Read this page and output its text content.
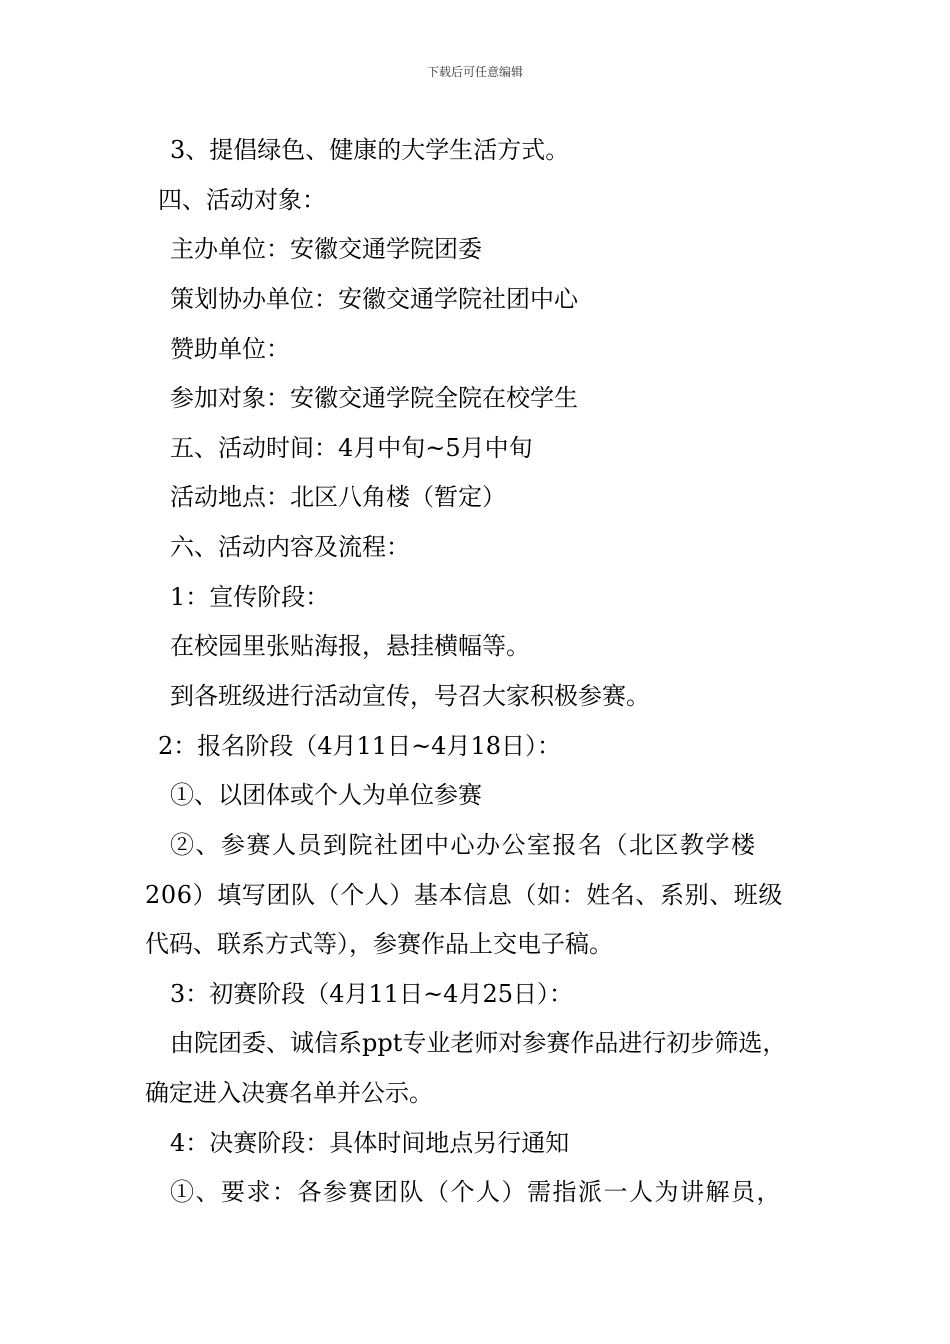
下载后可任意编辑
3、提倡绿色、健康的大学生活方式。
四、活动对象：
主办单位：安徽交通学院团委
策划协办单位：安徽交通学院社团中心
赞助单位：
参加对象：安徽交通学院全院在校学生
五、活动时间：4月中旬~5月中旬
活动地点：北区八角楼（暂定）
六、活动内容及流程：
1：宣传阶段：
在校园里张贴海报，悬挂横幅等。
到各班级进行活动宣传，号召大家积极参赛。
2：报名阶段（4月11日~4月18日）：
①、以团体或个人为单位参赛
②、参赛人员到院社团中心办公室报名（北区教学楼
206）填写团队（个人）基本信息（如：姓名、系别、班级
代码、联系方式等），参赛作品上交电子稿。
3：初赛阶段（4月11日~4月25日）：
由院团委、诚信系ppt专业老师对参赛作品进行初步筛选，
确定进入决赛名单并公示。
4：决赛阶段：具体时间地点另行通知
①、要求：各参赛团队（个人）需指派一人为讲解员，
